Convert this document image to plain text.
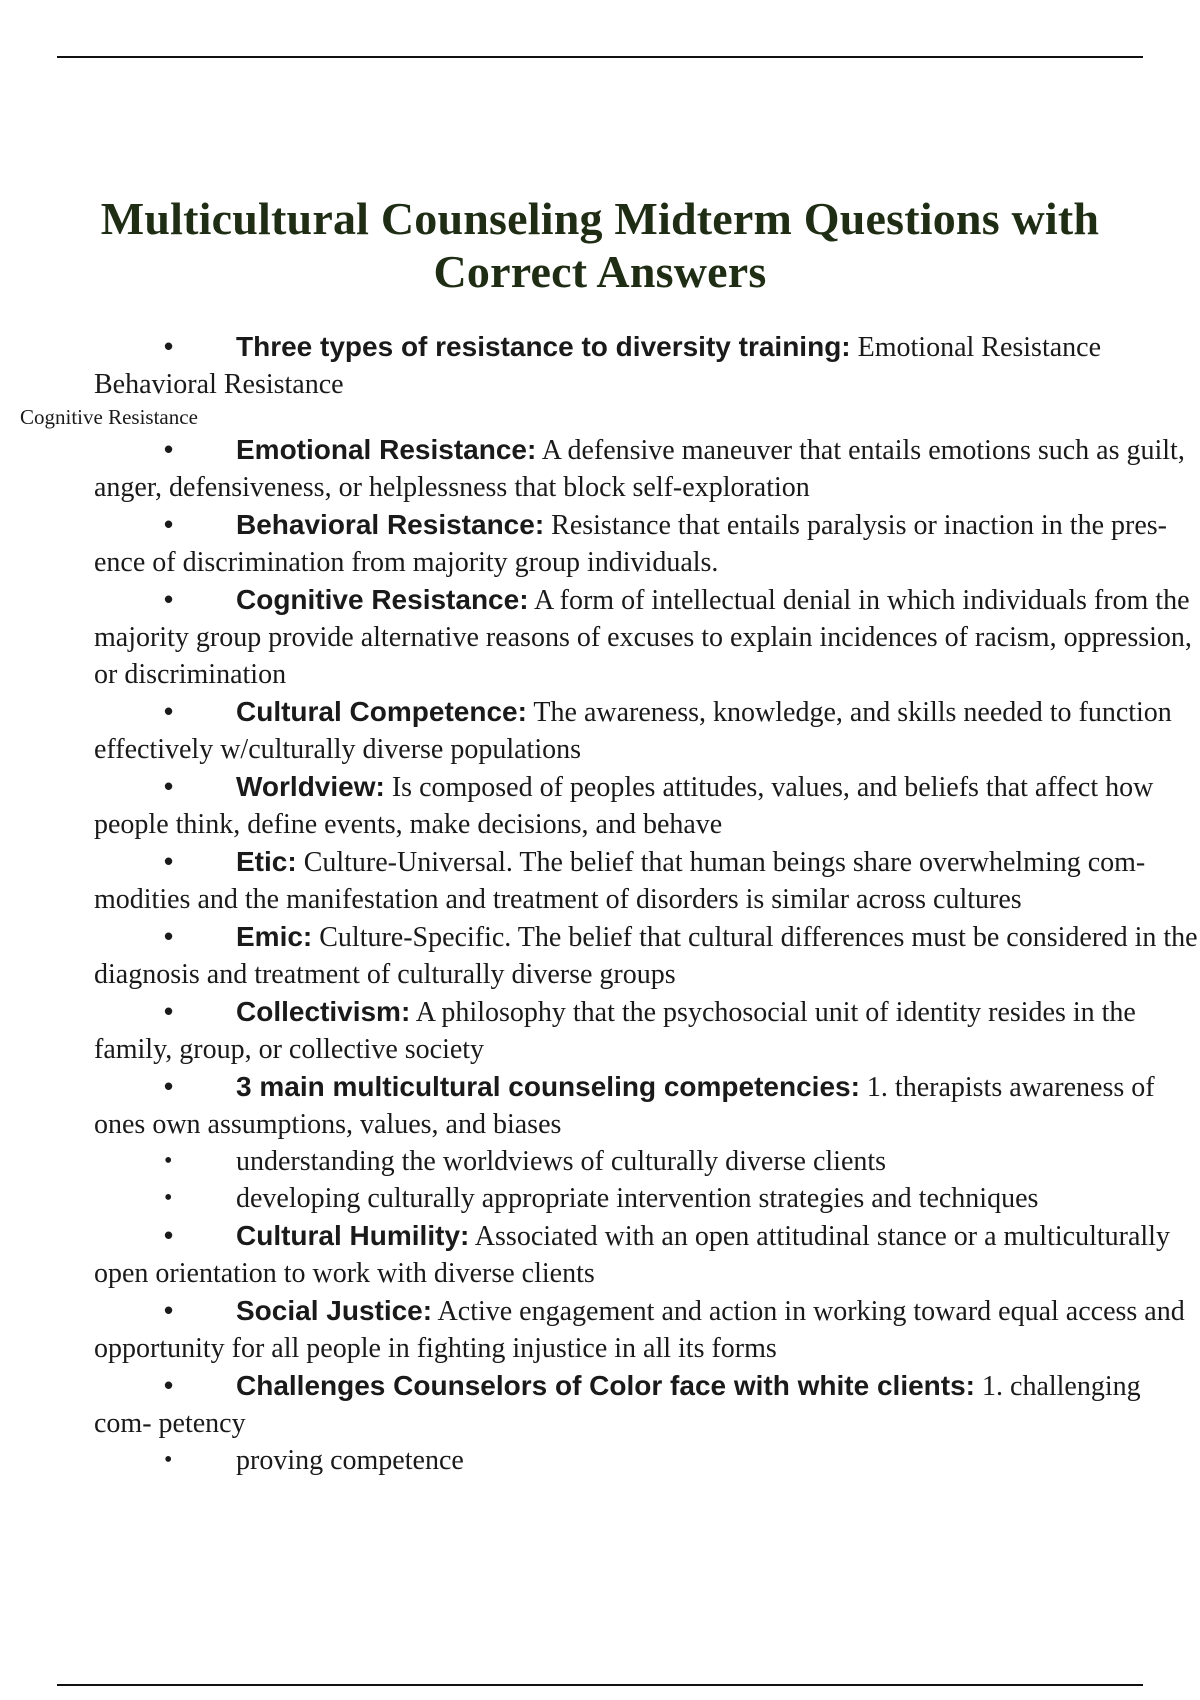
Multicultural Counseling Midterm Questions with Correct Answers
•	Three types of resistance to diversity training: Emotional Resistance Behavioral Resistance

Cognitive Resistance

•	Emotional Resistance: A defensive maneuver that entails emotions such as guilt, anger, defensiveness, or helplessness that block self-exploration
•	Behavioral Resistance: Resistance that entails paralysis or inaction in the pres- ence of discrimination from majority group individuals.
•	Cognitive Resistance: A form of intellectual denial in which individuals from the majority group provide alternative reasons of excuses to explain incidences of racism, oppression, or discrimination
•	Cultural Competence: The awareness, knowledge, and skills needed to function effectively w/culturally diverse populations
•	Worldview: Is composed of peoples attitudes, values, and beliefs that affect how people think, define events, make decisions, and behave
•	Etic: Culture-Universal. The belief that human beings share overwhelming com- modities and the manifestation and treatment of disorders is similar across cultures
•	Emic: Culture-Specific. The belief that cultural differences must be considered in the diagnosis and treatment of culturally diverse groups
•	Collectivism: A philosophy that the psychosocial unit of identity resides in the family, group, or collective society
•	3 main multicultural counseling competencies: 1. therapists awareness of ones own assumptions, values, and biases
•	understanding the worldviews of culturally diverse clients
•	developing culturally appropriate intervention strategies and techniques
•	Cultural Humility: Associated with an open attitudinal stance or a multiculturally open orientation to work with diverse clients
•	Social Justice: Active engagement and action in working toward equal access and opportunity for all people in fighting injustice in all its forms
•	Challenges Counselors of Color face with white clients: 1. challenging com- petency
•	proving competence
